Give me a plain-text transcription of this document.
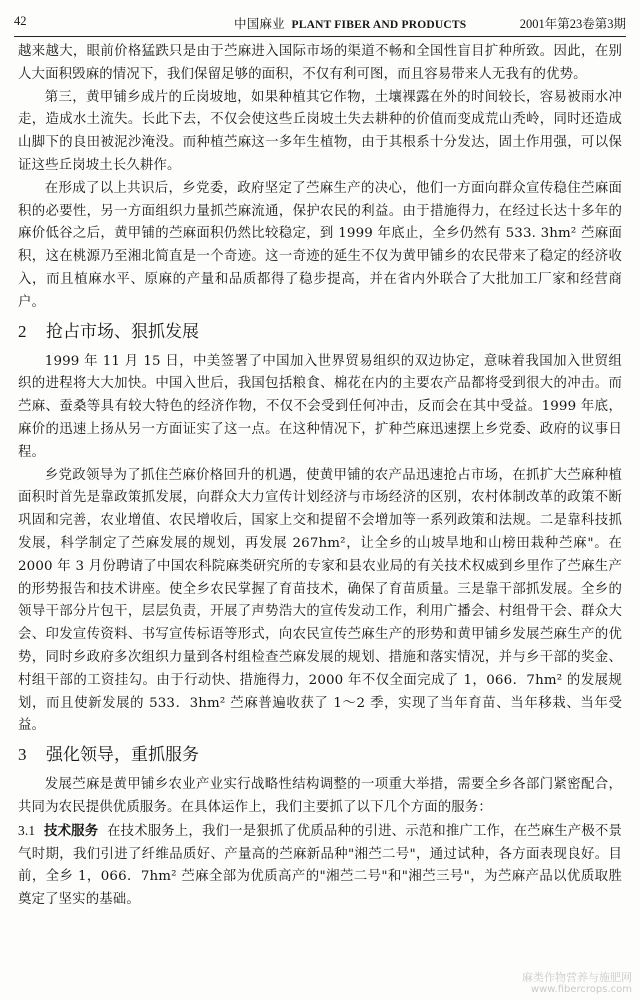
42	中国麻业 PLANT FIBER AND PRODUCTS	2001年第23卷第3期

越来越大，眼前价格猛跌只是由于苎麻进入国际市场的渠道不畅和全国性盲目扩种所致。因此，在别人大面积毁麻的情况下，我们保留足够的面积，不仅有利可图，而且容易带来人无我有的优势。

第三，黄甲铺乡成片的丘岗坡地，如果种植其它作物，土壤裸露在外的时间较长，容易被雨水冲走，造成水土流失。长此下去，不仅会使这些丘岗坡土失去耕种的价值而变成荒山秃岭，同时还造成山脚下的良田被泥沙淹没。而种植苎麻这一多年生植物，由于其根系十分发达，固土作用强，可以保证这些丘岗坡土长久耕作。

在形成了以上共识后，乡党委，政府坚定了苎麻生产的决心，他们一方面向群众宣传稳住苎麻面积的必要性，另一方面组织力量抓苎麻流通，保护农民的利益。由于措施得力，在经过长达十多年的麻价低谷之后，黄甲铺的苎麻面积仍然比较稳定，到 1999 年底止，全乡仍然有 533. 3hm² 苎麻面积，这在桃源乃至湘北简直是一个奇迹。这一奇迹的延生不仅为黄甲铺乡的农民带来了稳定的经济收入，而且植麻水平、原麻的产量和品质都得了稳步提高，并在省内外联合了大批加工厂家和经营商户。

2 抢占市场、狠抓发展

1999 年 11 月 15 日，中美签署了中国加入世界贸易组织的双边协定，意味着我国加入世贸组织的进程将大大加快。中国入世后，我国包括粮食、棉花在内的主要农产品都将受到很大的冲击。而苎麻、蚕桑等具有较大特色的经济作物，不仅不会受到任何冲击，反而会在其中受益。1999 年底，麻价的迅速上扬从另一方面证实了这一点。在这种情况下，扩种苎麻迅速摆上乡党委、政府的议事日程。

乡党政领导为了抓住苎麻价格回升的机遇，使黄甲铺的农产品迅速抢占市场，在抓扩大苎麻种植面积时首先是靠政策抓发展，向群众大力宣传计划经济与市场经济的区别，农村体制改革的政策不断巩固和完善，农业增值、农民增收后，国家上交和提留不会增加等一系列政策和法规。二是靠科技抓发展，科学制定了苎麻发展的规划，再发展 267hm²，让全乡的山坡旱地和山榜田栽种苎麻"。在 2000 年 3 月份聘请了中国农科院麻类研究所的专家和县农业局的有关技术权威到乡里作了苎麻生产的形势报告和技术讲座。使全乡农民掌握了育苗技术，确保了育苗质量。三是靠干部抓发展。全乡的领导干部分片包干，层层负责，开展了声势浩大的宣传发动工作，利用广播会、村组骨干会、群众大会、印发宣传资料、书写宣传标语等形式，向农民宣传苎麻生产的形势和黄甲铺乡发展苎麻生产的优势，同时乡政府多次组织力量到各村组检查苎麻发展的规划、措施和落实情况，并与乡干部的奖金、村组干部的工资挂勾。由于行动快、措施得力，2000 年不仅全面完成了 1，066．7hm² 的发展规划，而且使新发展的 533．3hm² 苎麻普遍收获了 1～2 季，实现了当年育苗、当年移栽、当年受益。

3 强化领导，重抓服务

发展苎麻是黄甲铺乡农业产业实行战略性结构调整的一项重大举措，需要全乡各部门紧密配合，共同为农民提供优质服务。在具体运作上，我们主要抓了以下几个方面的服务：

3.1 技术服务 在技术服务上，我们一是狠抓了优质品种的引进、示范和推广工作，在苎麻生产极不景气时期，我们引进了纤维品质好、产量高的苎麻新品种"湘苎二号"，通过试种，各方面表现良好。目前，全乡 1，066．7hm² 苎麻全部为优质高产的"湘苎二号"和"湘苎三号"，为苎麻产品以优质取胜奠定了坚实的基础。

麻类作物营养与施肥网
www.fibercrops.com
